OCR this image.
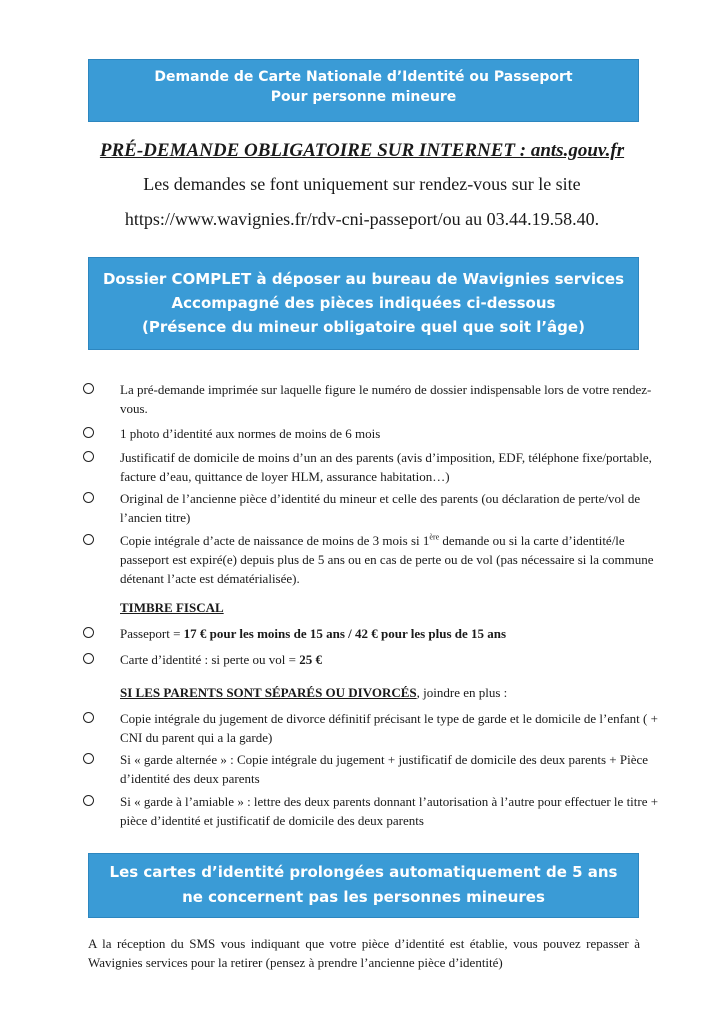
Demande de Carte Nationale d’Identité ou Passeport
Pour personne mineure
PRÉ-DEMANDE OBLIGATOIRE SUR INTERNET : ants.gouv.fr
Les demandes se font uniquement sur rendez-vous sur le site
https://www.wavignies.fr/rdv-cni-passeport/ou au 03.44.19.58.40.
Dossier COMPLET à déposer au bureau de Wavignies services
Accompagné des pièces indiquées ci-dessous
(Présence du mineur obligatoire quel que soit l’âge)
La pré-demande imprimée sur laquelle figure le numéro de dossier indispensable lors de votre rendez-vous.
1 photo d’identité aux normes de moins de 6 mois
Justificatif de domicile de moins d’un an des parents (avis d’imposition, EDF, téléphone fixe/portable, facture d’eau, quittance de loyer HLM, assurance habitation…)
Original de l’ancienne pièce d’identité du mineur et celle des parents (ou déclaration de perte/vol de l’ancien titre)
Copie intégrale d’acte de naissance de moins de 3 mois si 1ère demande ou si la carte d’identité/le passeport est expiré(e) depuis plus de 5 ans ou en cas de perte ou de vol (pas nécessaire si la commune détenant l’acte est dématérialisée).
TIMBRE FISCAL
Passeport = 17 € pour les moins de 15 ans / 42 € pour les plus de 15 ans
Carte d’identité : si perte ou vol = 25 €
SI LES PARENTS SONT SÉPARÉS OU DIVORCÉS, joindre en plus :
Copie intégrale du jugement de divorce définitif précisant le type de garde et le domicile de l’enfant ( + CNI du parent qui a la garde)
Si « garde alternée » : Copie intégrale du jugement + justificatif de domicile des deux parents + Pièce d’identité des deux parents
Si « garde à l’amiable » : lettre des deux parents donnant l’autorisation à l’autre pour effectuer le titre + pièce d’identité et justificatif de domicile des deux parents
Les cartes d’identité prolongées automatiquement de 5 ans
ne concernent pas les personnes mineures
A la réception du SMS vous indiquant que votre pièce d’identité est établie, vous pouvez repasser à Wavignies services pour la retirer (pensez à prendre l’ancienne pièce d’identité)
